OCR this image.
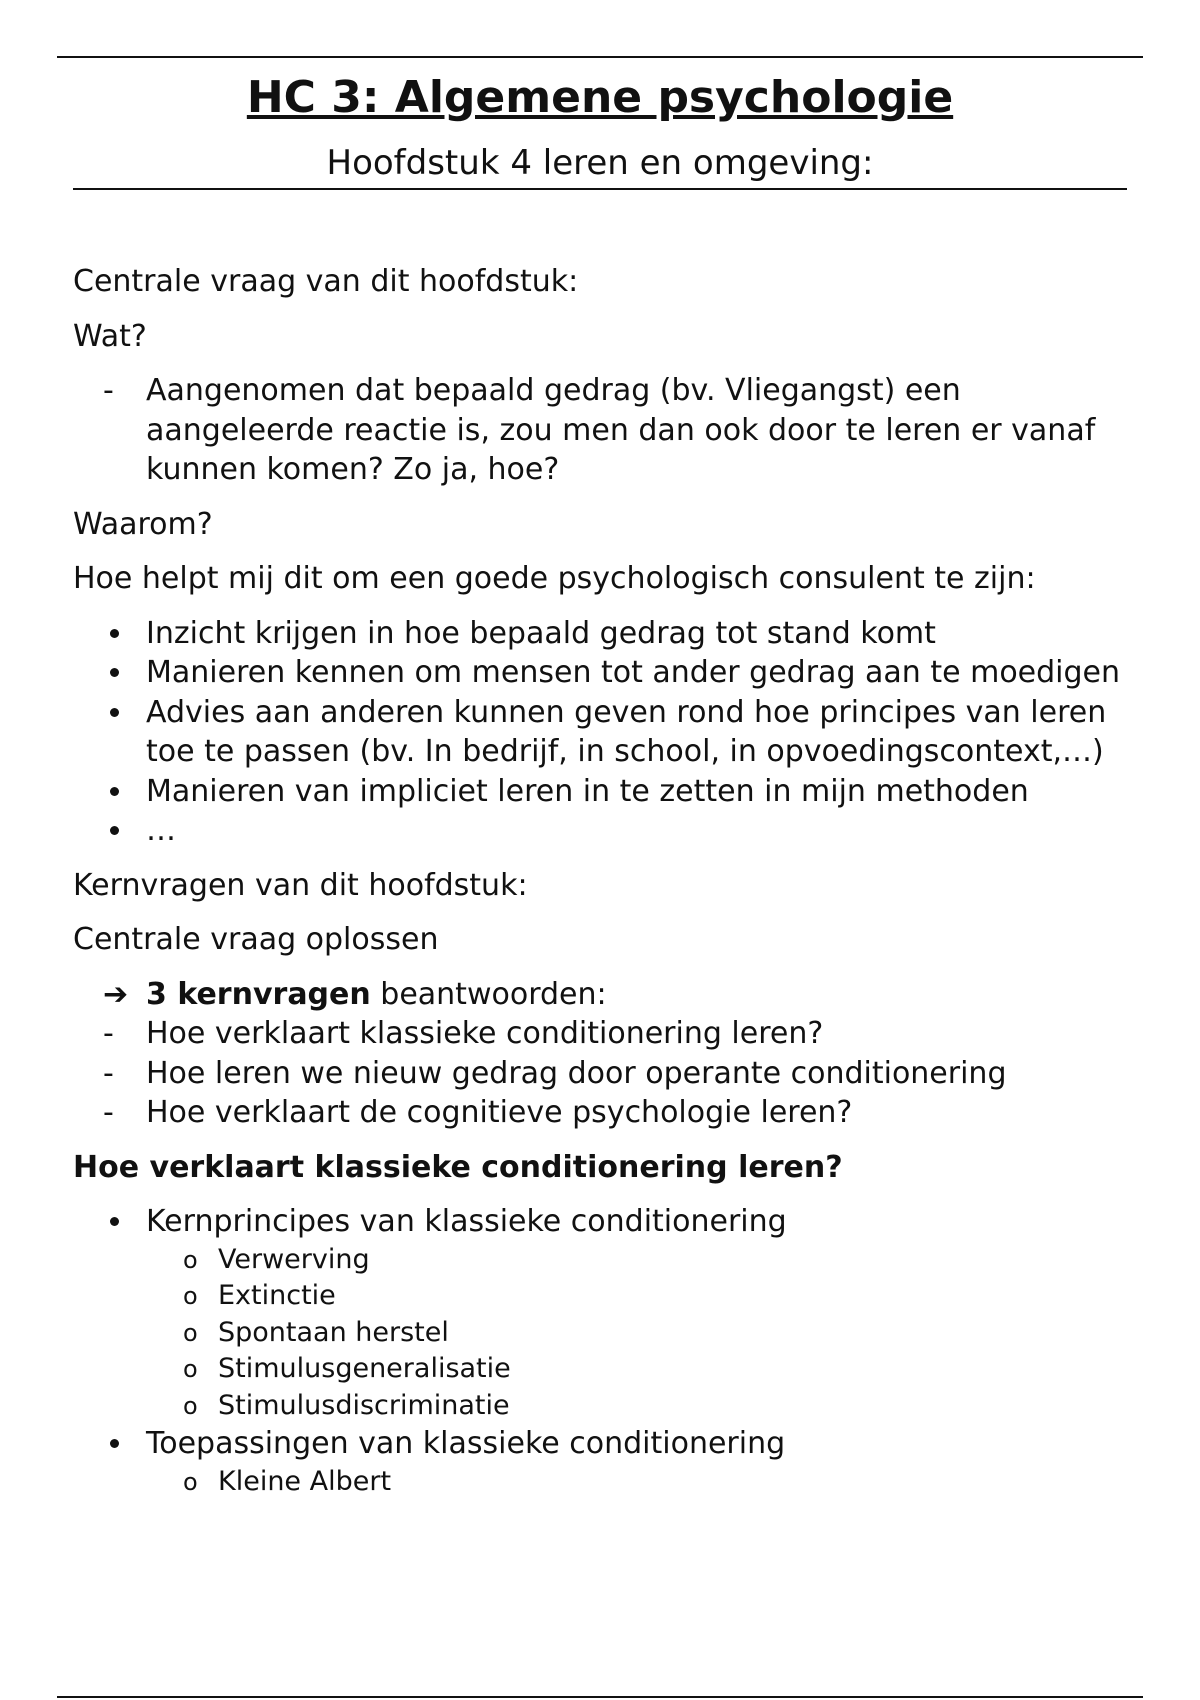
HC 3: Algemene psychologie
Hoofdstuk 4 leren en omgeving:

Centrale vraag van dit hoofdstuk:

Wat?

-	Aangenomen dat bepaald gedrag (bv. Vliegangst) een aangeleerde reactie is, zou men dan ook door te leren er vanaf kunnen komen? Zo ja, hoe?

Waarom?

Hoe helpt mij dit om een goede psychologisch consulent te zijn:

Inzicht krijgen in hoe bepaald gedrag tot stand komt
Manieren kennen om mensen tot ander gedrag aan te moedigen
Advies aan anderen kunnen geven rond hoe principes van leren toe te passen (bv. In bedrijf, in school, in opvoedingscontext,…)
Manieren van impliciet leren in te zetten in mijn methoden
…

Kernvragen van dit hoofdstuk:

Centrale vraag oplossen

➔ 3 kernvragen beantwoorden:
-	Hoe verklaart klassieke conditionering leren?
-	Hoe leren we nieuw gedrag door operante conditionering
-	Hoe verklaart de cognitieve psychologie leren?

Hoe verklaart klassieke conditionering leren?

Kernprincipes van klassieke conditionering
o Verwerving
o Extinctie
o Spontaan herstel
o Stimulusgeneralisatie
o Stimulusdiscriminatie
Toepassingen van klassieke conditionering
o Kleine Albert
